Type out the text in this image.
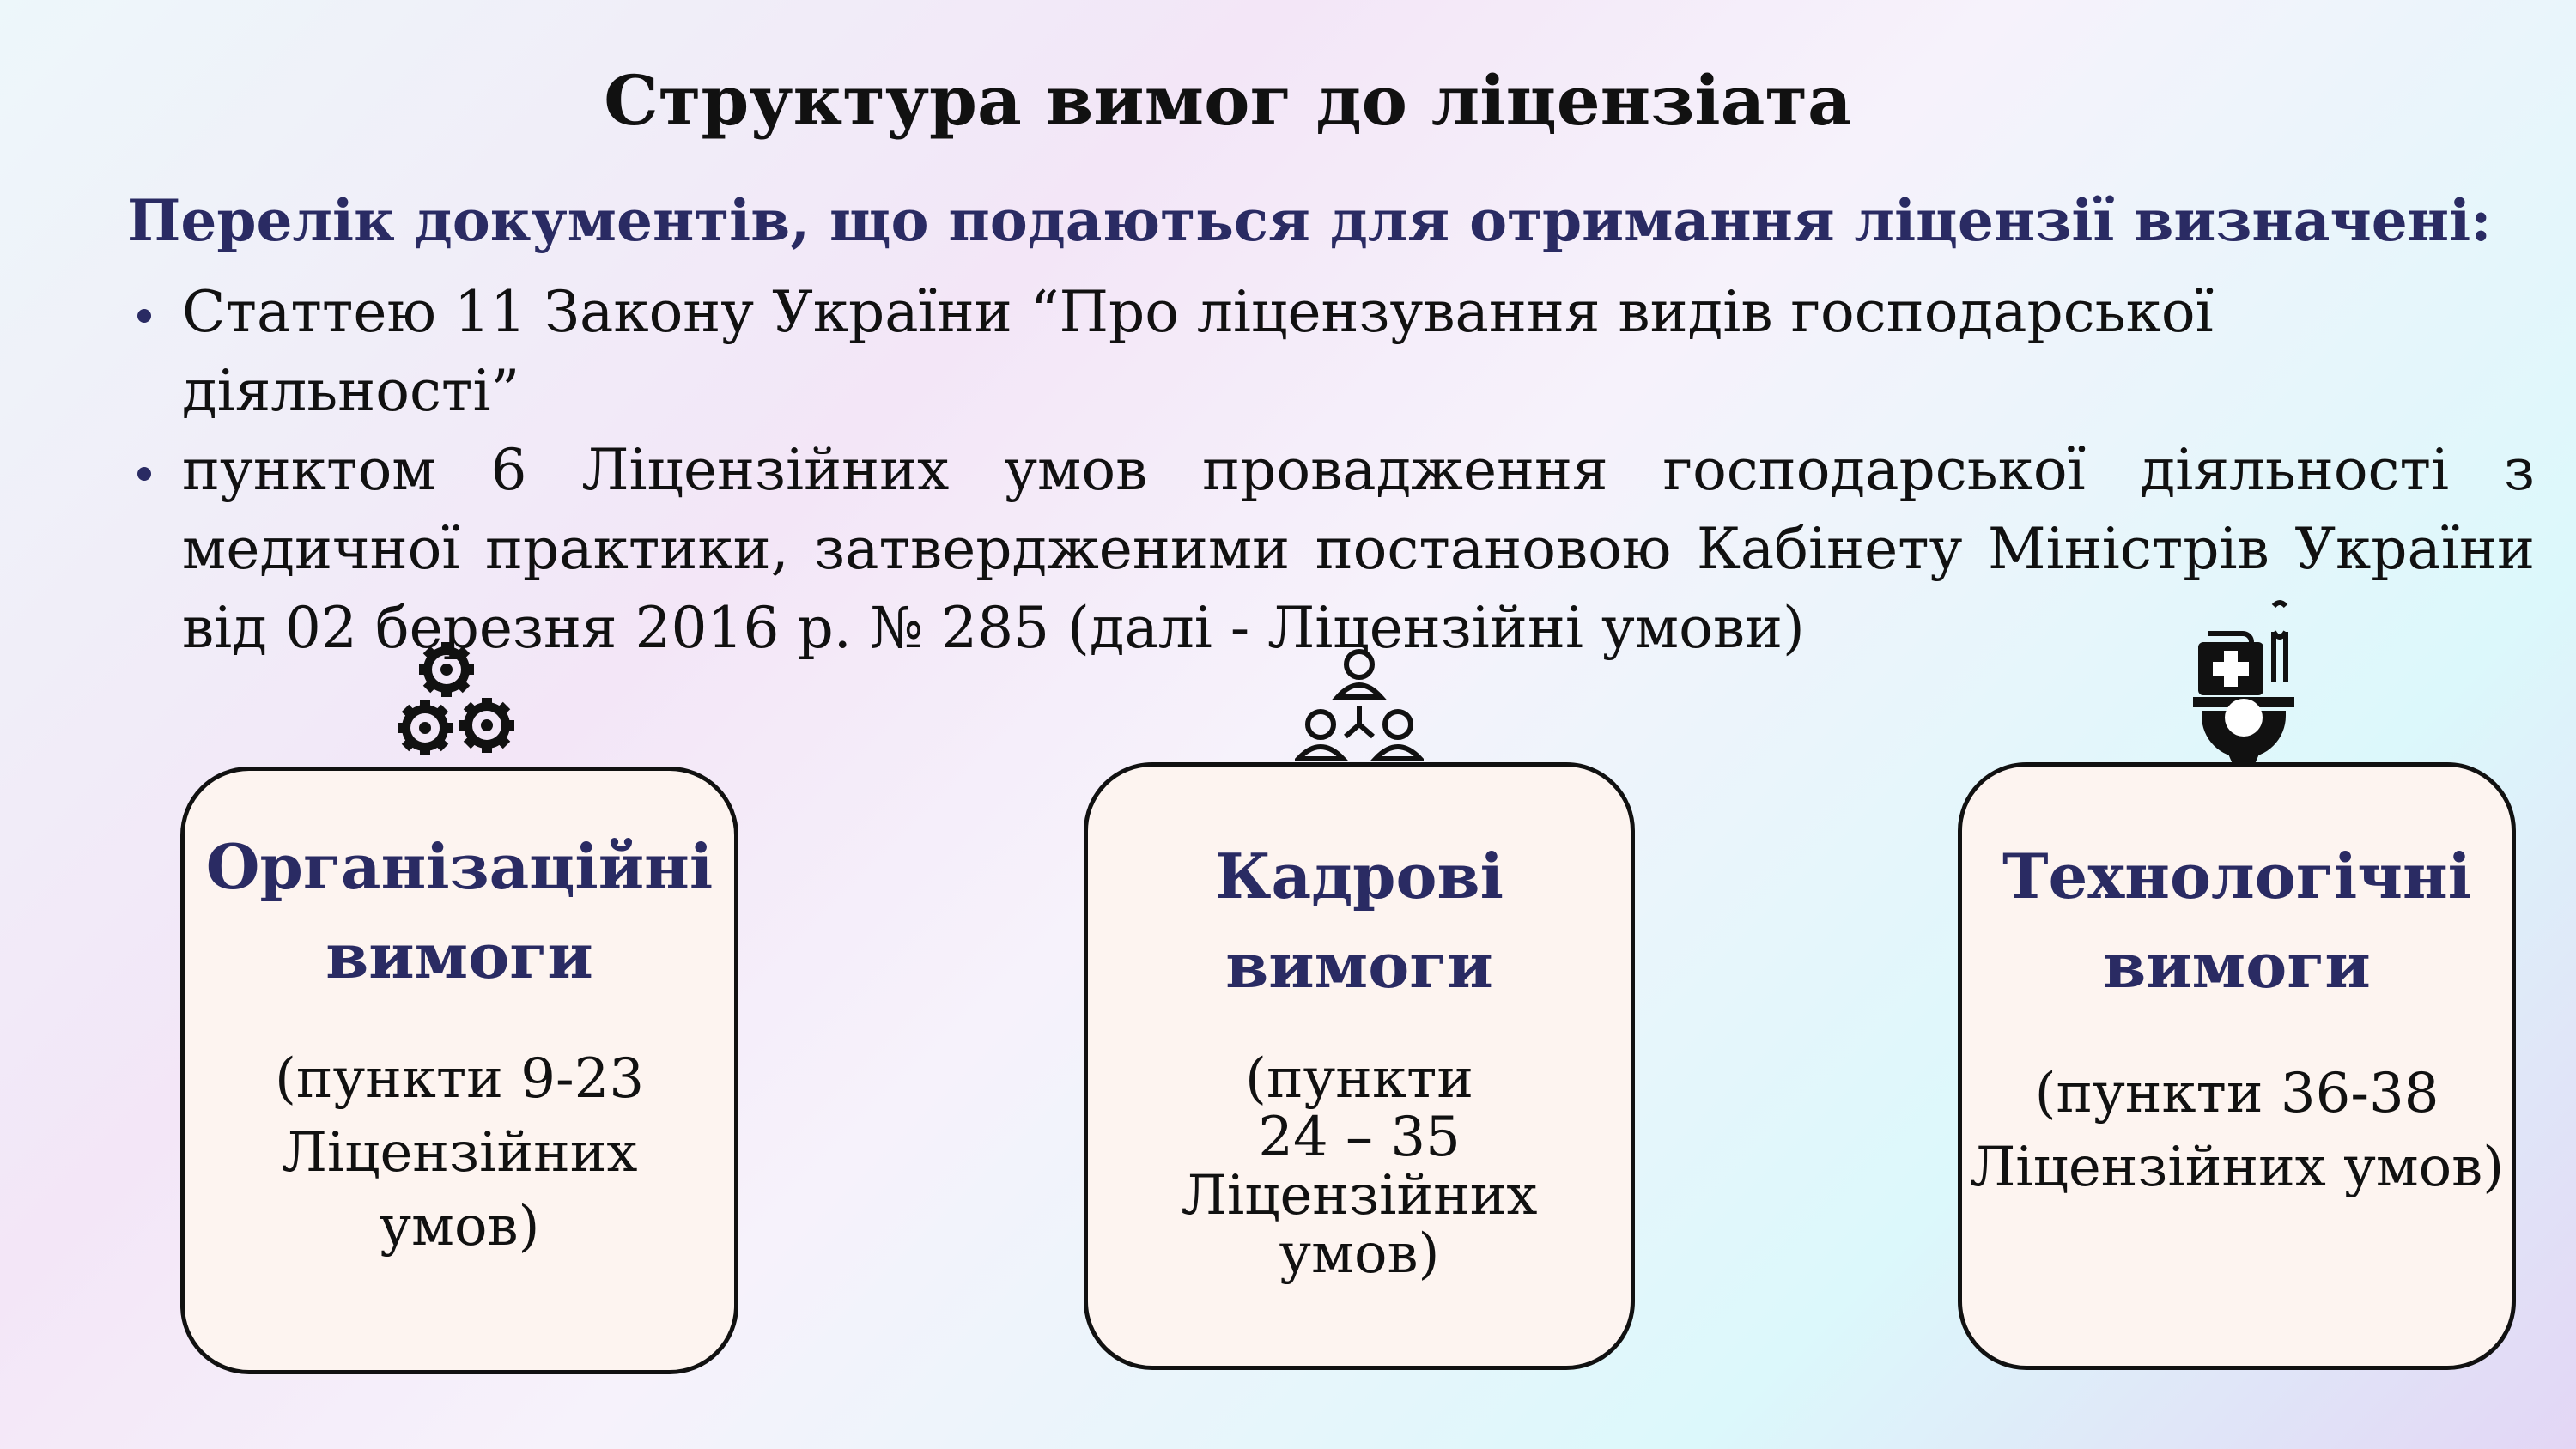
Структура вимог до ліцензіата
Перелік документів, що подаються для отримання ліцензії визначені:
Статтею 11 Закону України “Про ліцензування видів господарської діяльності”
пунктом 6 Ліцензійних умов провадження господарської діяльності з медичної практики, затвердженими постановою Кабінету Міністрів України
від 02 березня 2016 р. № 285 (далі - Ліцензійні умови)
Організаційні
вимоги
(пункти 9-23
Ліцензійних
умов)
Кадрові
вимоги
(пункти
24 – 35
Ліцензійних
умов)
Технологічні
вимоги
(пункти 36-38
Ліцензійних умов)
